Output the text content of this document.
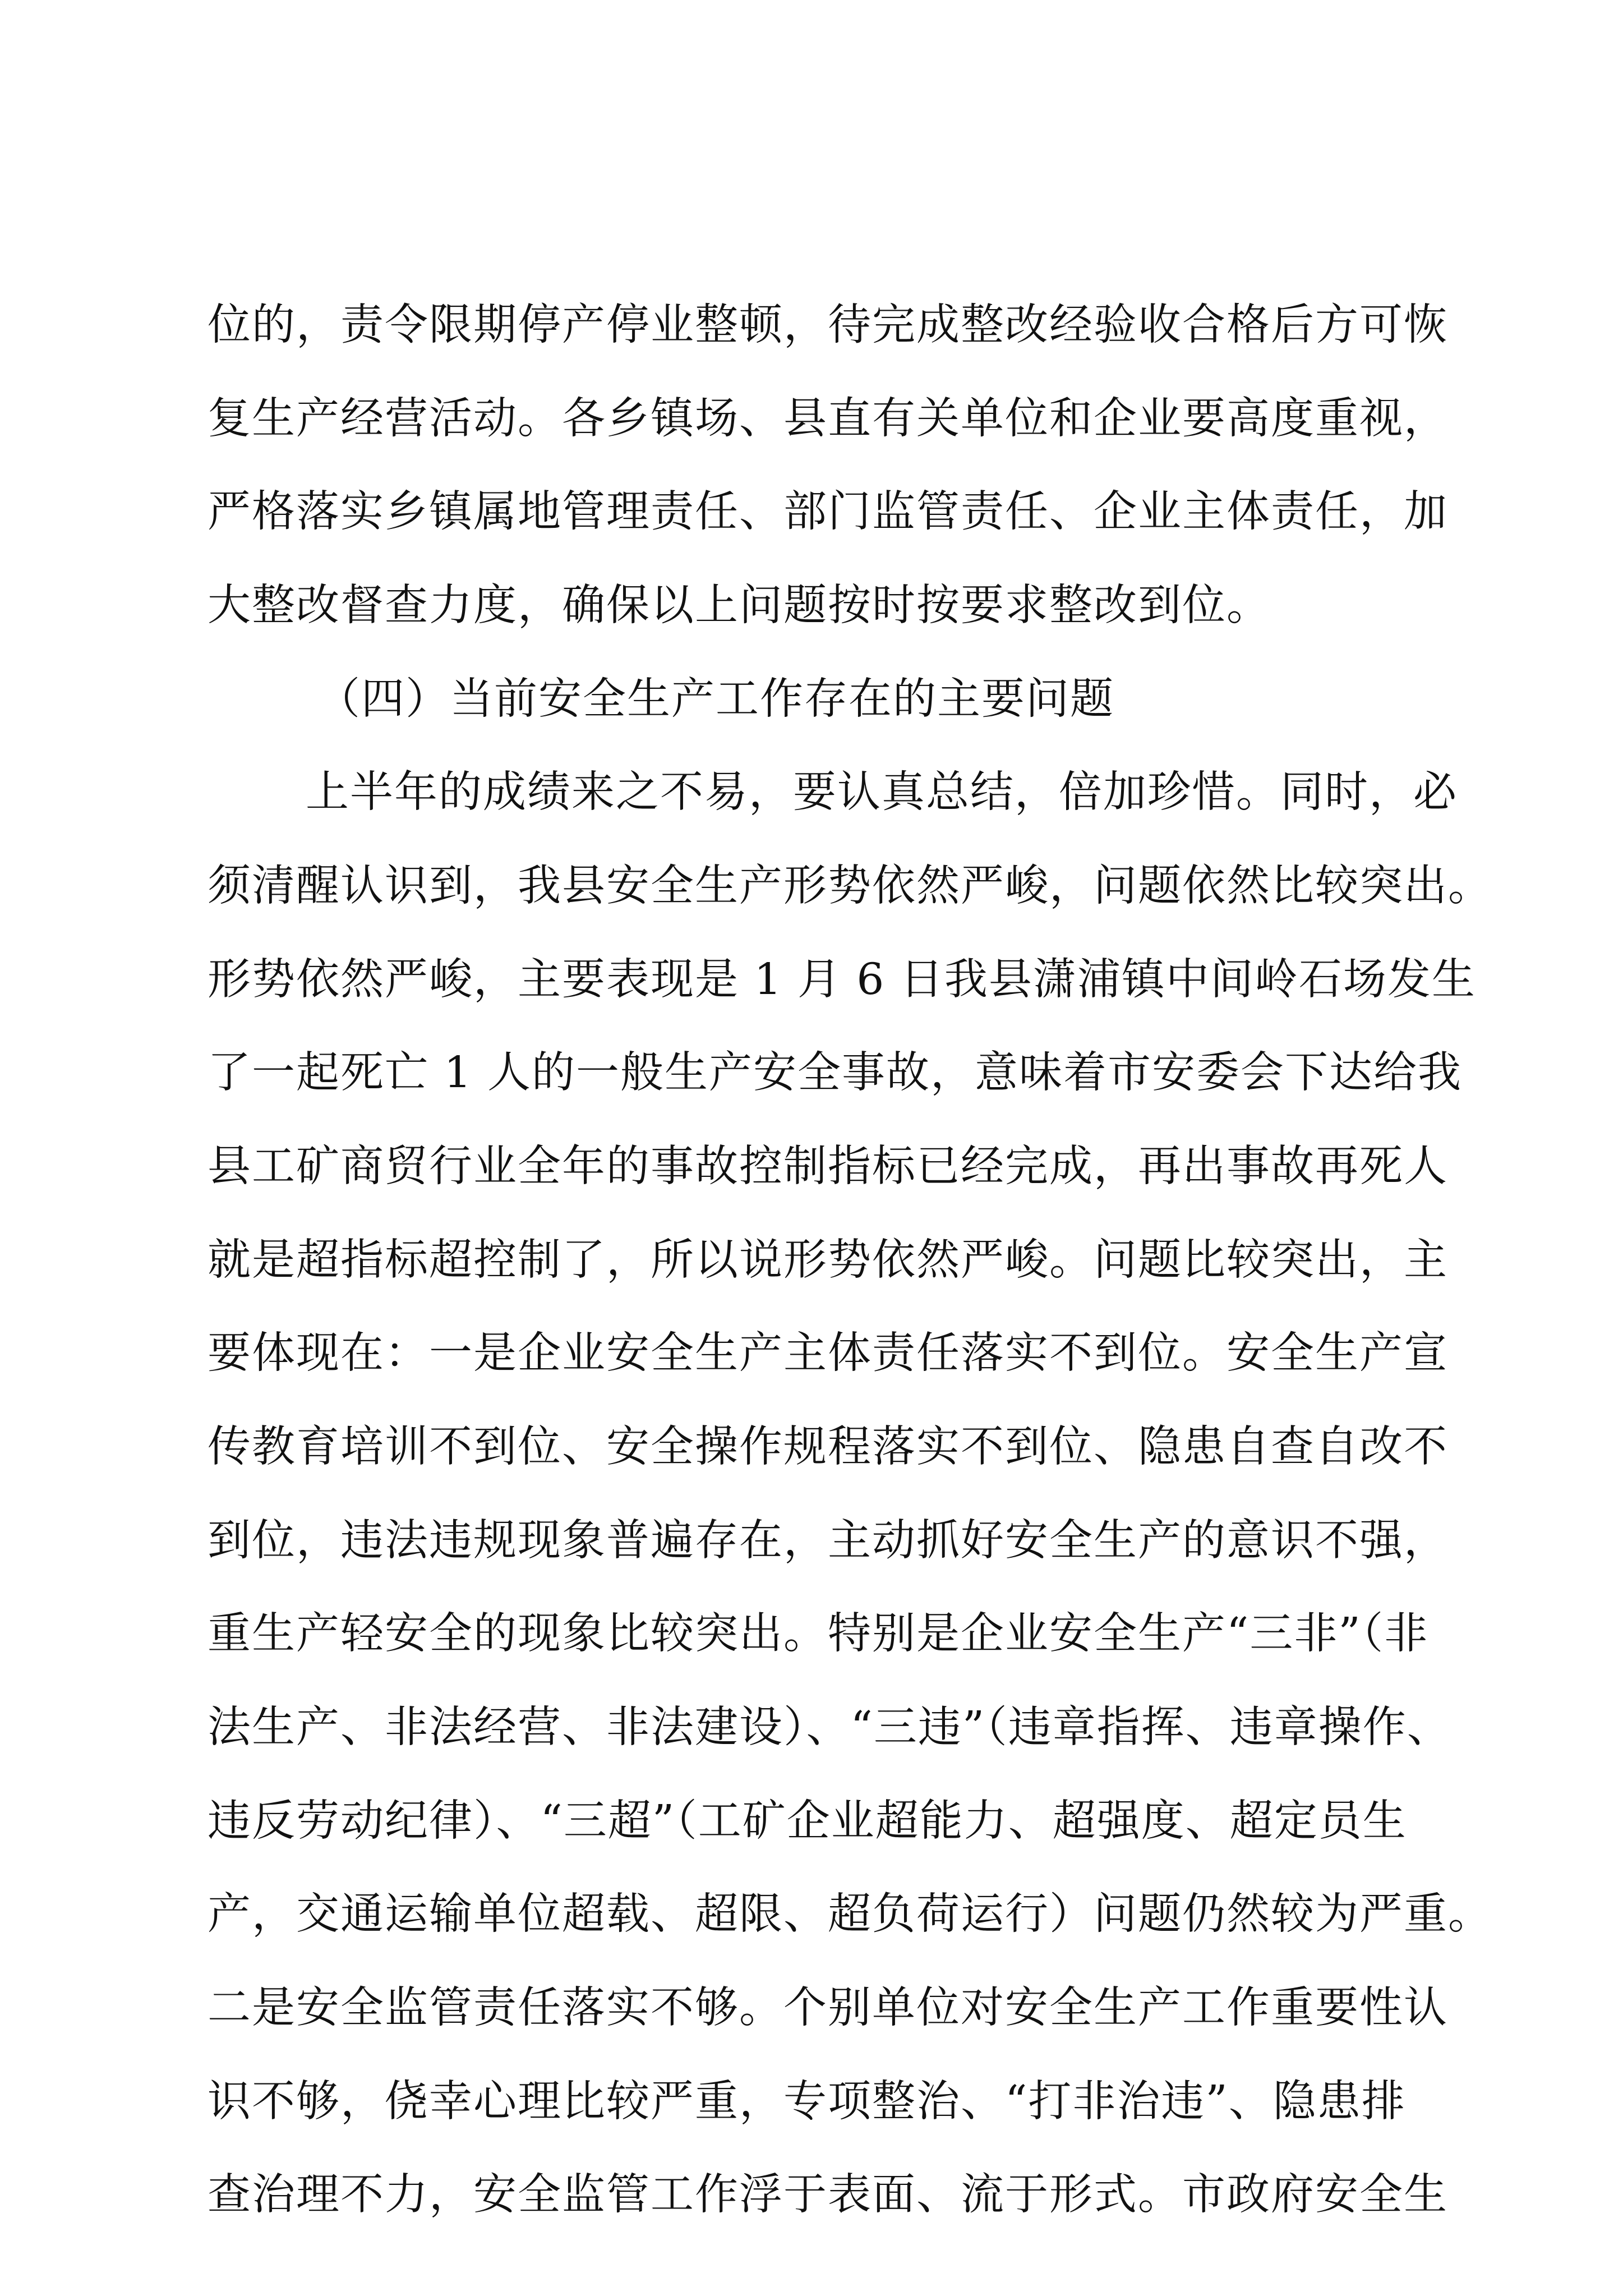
位的，责令限期停产停业整顿，待完成整改经验收合格后方可恢
复生产经营活动。各乡镇场、县直有关单位和企业要高度重视，
严格落实乡镇属地管理责任、部门监管责任、企业主体责任，加
大整改督查力度，确保以上问题按时按要求整改到位。
（四）当前安全生产工作存在的主要问题
上半年的成绩来之不易，要认真总结，倍加珍惜。同时，必
须清醒认识到，我县安全生产形势依然严峻，问题依然比较突出。
形势依然严峻，主要表现是 1 月 6 日我县潇浦镇中间岭石场发生
了一起死亡 1 人的一般生产安全事故，意味着市安委会下达给我
县工矿商贸行业全年的事故控制指标已经完成，再出事故再死人
就是超指标超控制了，所以说形势依然严峻。问题比较突出，主
要体现在：一是企业安全生产主体责任落实不到位。安全生产宣
传教育培训不到位、安全操作规程落实不到位、隐患自查自改不
到位，违法违规现象普遍存在，主动抓好安全生产的意识不强，
重生产轻安全的现象比较突出。特别是企业安全生产“三非”（非
法生产、非法经营、非法建设）、“三违”（违章指挥、违章操作、
违反劳动纪律）、“三超”（工矿企业超能力、超强度、超定员生
产，交通运输单位超载、超限、超负荷运行）问题仍然较为严重。
二是安全监管责任落实不够。个别单位对安全生产工作重要性认
识不够，侥幸心理比较严重，专项整治、“打非治违”、隐患排
查治理不力，安全监管工作浮于表面、流于形式。市政府安全生
